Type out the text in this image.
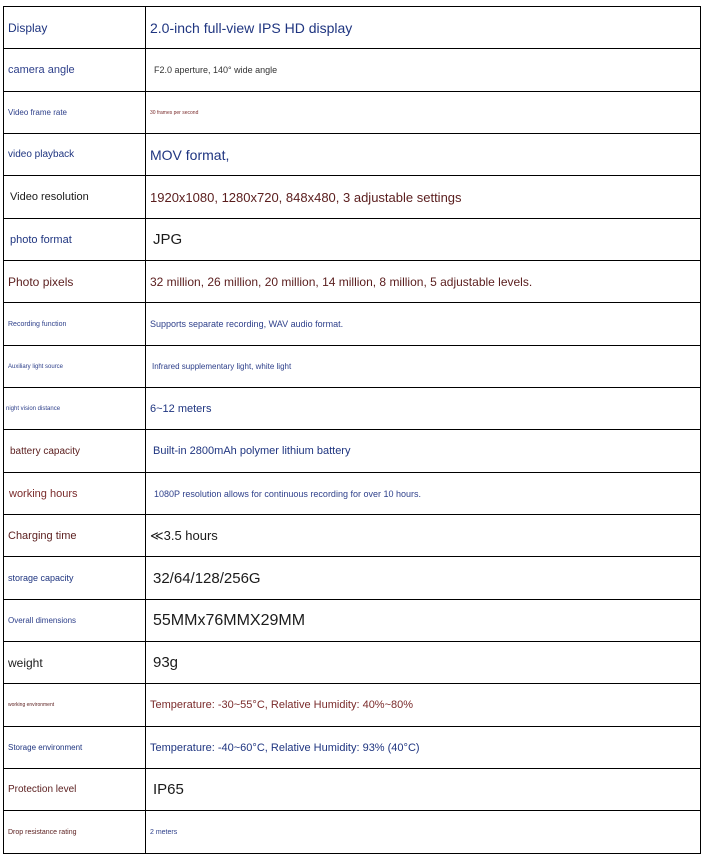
Display	2.0-inch full-view IPS HD display
camera angle	F2.0 aperture, 140° wide angle
Video frame rate	30 frames per second
video playback	MOV format,
Video resolution	1920x1080, 1280x720, 848x480, 3 adjustable settings
photo format	JPG
Photo pixels	32 million, 26 million, 20 million, 14 million, 8 million, 5 adjustable levels.
Recording function	Supports separate recording, WAV audio format.
Auxiliary light source	Infrared supplementary light, white light
night vision distance	6~12 meters
battery capacity	Built-in 2800mAh polymer lithium battery
working hours	1080P resolution allows for continuous recording for over 10 hours.
Charging time	≪3.5 hours
storage capacity	32/64/128/256G
Overall dimensions	55MMx76MMX29MM
weight	93g
working environment	Temperature: -30~55°C, Relative Humidity: 40%~80%
Storage environment	Temperature: -40~60°C, Relative Humidity: 93% (40°C)
Protection level	IP65
Drop resistance rating	2 meters
